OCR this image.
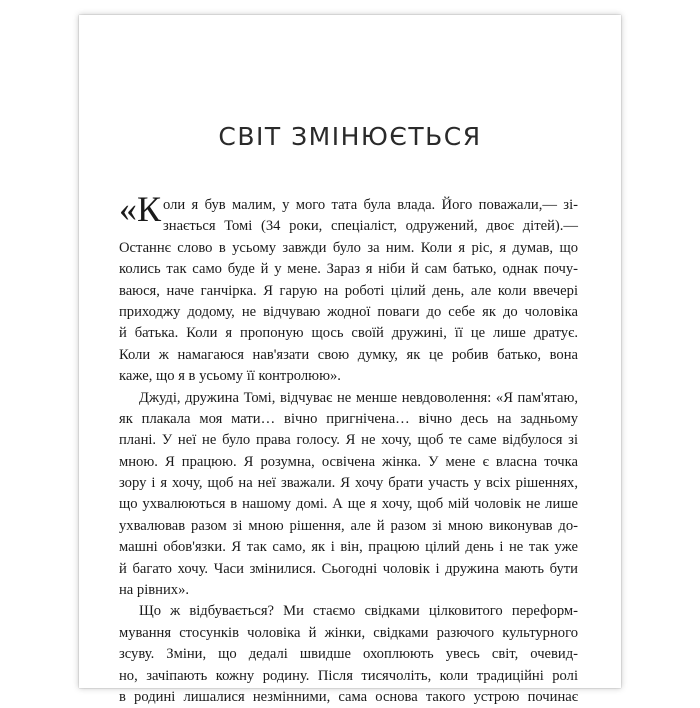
СВІТ ЗМІНЮЄТЬСЯ
«К оли я був малим, у мого тата була влада. Його поважали,— зі-
знається Томі (34 роки, спеціаліст, одружений, двоє дітей).—
Останнє слово в усьому завжди було за ним. Коли я ріс, я думав, що
колись так само буде й у мене. Зараз я ніби й сам батько, однак почу-
ваюся, наче ганчірка. Я гарую на роботі цілий день, але коли ввечері
приходжу додому, не відчуваю жодної поваги до себе як до чоловіка
й батька. Коли я пропоную щось своїй дружині, її це лише дратує.
Коли ж намагаюся нав'язати свою думку, як це робив батько, вона
каже, що я в усьому її контролюю».
Джуді, дружина Томі, відчуває не менше невдоволення: «Я пам'ятаю,
як плакала моя мати… вічно пригнічена… вічно десь на задньому
плані. У неї не було права голосу. Я не хочу, щоб те саме відбулося зі
мною. Я працюю. Я розумна, освічена жінка. У мене є власна точка
зору і я хочу, щоб на неї зважали. Я хочу брати участь у всіх рішеннях,
що ухвалюються в нашому домі. А ще я хочу, щоб мій чоловік не лише
ухвалював разом зі мною рішення, але й разом зі мною виконував до-
машні обов'язки. Я так само, як і він, працюю цілий день і не так уже
й багато хочу. Часи змінилися. Сьогодні чоловік і дружина мають бути
на рівних».
Що ж відбувається? Ми стаємо свідками цілковитого переформ-
мування стосунків чоловіка й жінки, свідками разючого культурного
зсуву. Зміни, що дедалі швидше охоплюють увесь світ, очевид-
но, зачіпають кожну родину. Після тисячоліть, коли традиційні ролі
в родині лишалися незмінними, сама основа такого устрою починає
